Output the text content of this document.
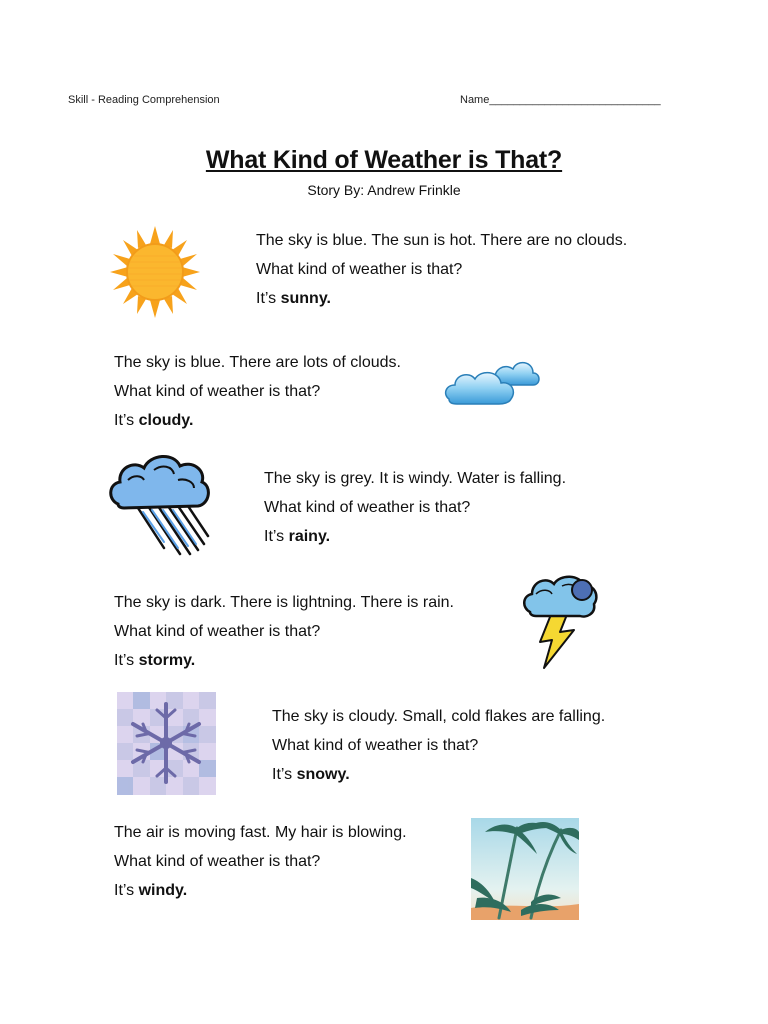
Skill - Reading Comprehension	Name____________________________
What Kind of Weather is That?
Story By: Andrew Frinkle
The sky is blue. The sun is hot. There are no clouds.
What kind of weather is that?
It’s sunny.
The sky is blue. There are lots of clouds.
What kind of weather is that?
It’s cloudy.
The sky is grey. It is windy. Water is falling.
What kind of weather is that?
It’s rainy.
The sky is dark. There is lightning. There is rain.
What kind of weather is that?
It’s stormy.
The sky is cloudy. Small, cold flakes are falling.
What kind of weather is that?
It’s snowy.
The air is moving fast. My hair is blowing.
What kind of weather is that?
It’s windy.
